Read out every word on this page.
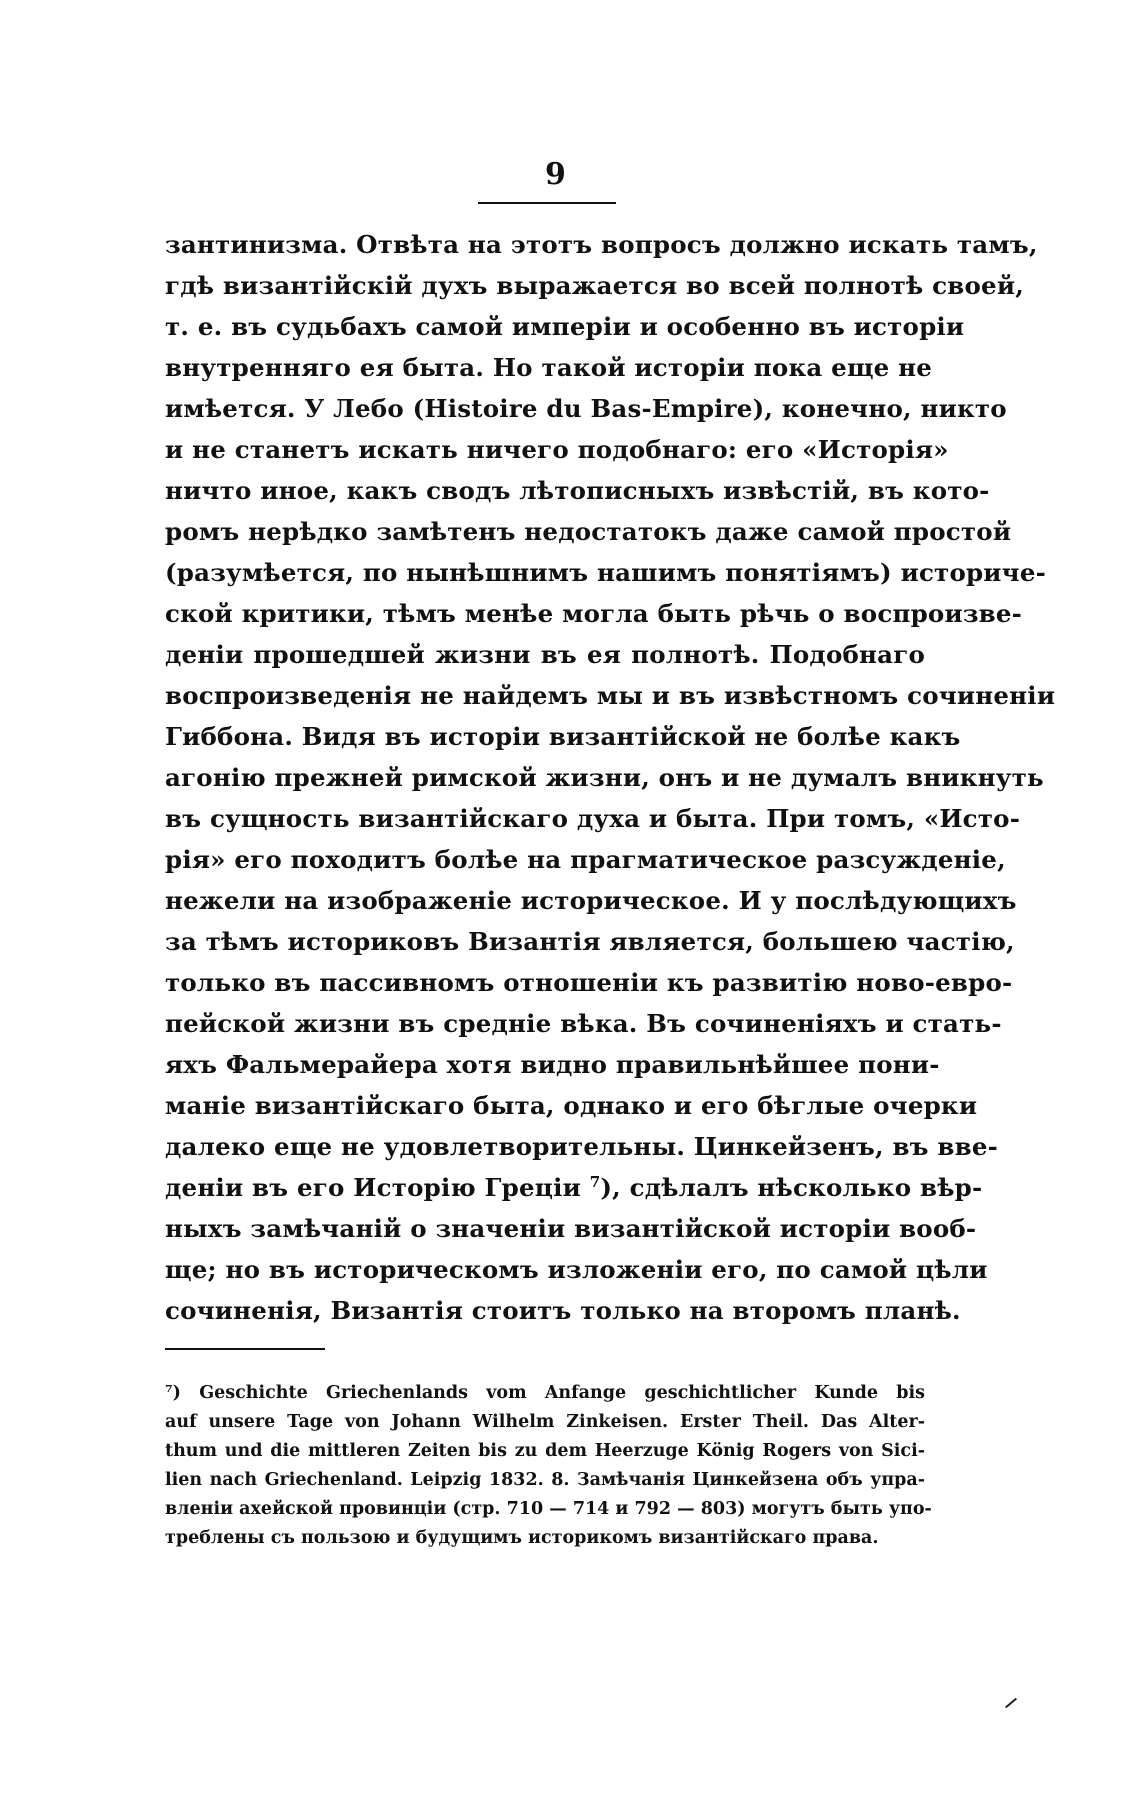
9
зантинизма. Отвѣта на этотъ вопросъ должно искать тамъ,
гдѣ византійскій духъ выражается во всей полнотѣ своей,
т. е. въ судьбахъ самой имперіи и особенно въ исторіи
внутренняго ея быта. Но такой исторіи пока еще не
имѣется. У Лебо (Histoire du Bas-Empire), конечно, никто
и не станетъ искать ничего подобнаго: его «Исторія»
ничто иное, какъ сводъ лѣтописныхъ извѣстій, въ кото-
ромъ нерѣдко замѣтенъ недостатокъ даже самой простой
(разумѣется, по нынѣшнимъ нашимъ понятіямъ) историче-
ской критики, тѣмъ менѣе могла быть рѣчь о воспроизве-
деніи прошедшей жизни въ ея полнотѣ. Подобнаго
воспроизведенія не найдемъ мы и въ извѣстномъ сочиненіи
Гиббона. Видя въ исторіи византійской не болѣе какъ
агонію прежней римской жизни, онъ и не думалъ вникнуть
въ сущность византійскаго духа и быта. При томъ, «Исто-
рія» его походитъ болѣе на прагматическое разсужденіе,
нежели на изображеніе историческое. И у послѣдующихъ
за тѣмъ историковъ Византія является, большею частію,
только въ пассивномъ отношеніи къ развитію ново-евро-
пейской жизни въ средніе вѣка. Въ сочиненіяхъ и стать-
яхъ Фальмерайера хотя видно правильнѣйшее пони-
маніе византійскаго быта, однако и его бѣглые очерки
далеко еще не удовлетворительны. Цинкейзенъ, въ вве-
деніи въ его Исторію Греціи $^7$), сдѣлалъ нѣсколько вѣр-
ныхъ замѣчаній о значеніи византійской исторіи вооб-
ще; но въ историческомъ изложеніи его, по самой цѣли
сочиненія, Византія стоитъ только на второмъ планѣ.
⁷) Geschichte Griechenlands vom Anfange geschichtlicher Kunde bis
auf unsere Tage von Johann Wilhelm Zinkeisen. Erster Theil. Das Alter-
thum und die mittleren Zeiten bis zu dem Heerzuge König Rogers von Sici-
lien nach Griechenland. Leipzig 1832. 8. Замѣчанія Цинкейзена объ упра-
вленіи ахейской провинціи (стр. 710 — 714 и 792 — 803) могутъ быть упо-
треблены съ пользою и будущимъ историкомъ византійскаго права.
